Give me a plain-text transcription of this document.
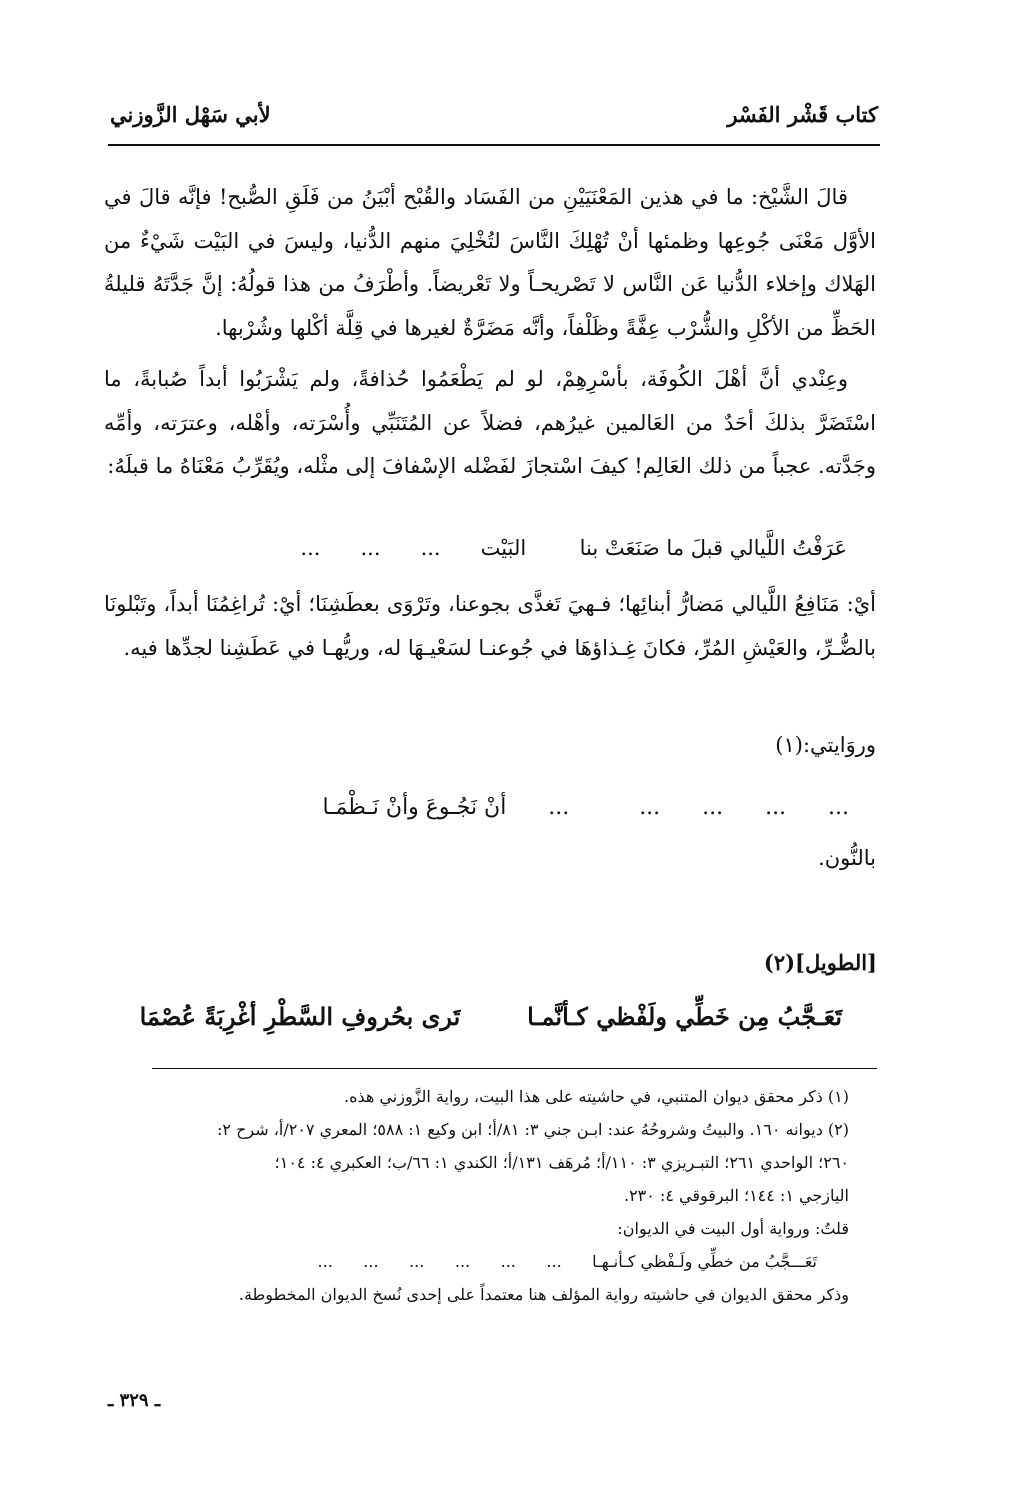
كتاب قَشْر الفَسْر
لأبي سَهْل الزَّوزني

قالَ الشَّيْخ: ما في هذين المَعْنَيَيْنِ من الفَسَاد والقُبْح أبْيَنُ من فَلَقِ الصُّبح! فإنَّه قالَ في الأوَّل مَعْنَى جُوعِها وظمئها أنْ تُهْلِكَ النَّاسَ لتُخْلِيَ منهم الدُّنيا، وليسَ في البَيْت شَيْءٌ من الهَلاك وإخلاء الدُّنيا عَن النَّاس لا تَصْريحـاً ولا تَعْريضاً. وأطْرَفُ من هذا قولُهُ: إنَّ جَدَّتَهُ قليلةُ الحَظِّ من الأكْلِ والشُّرْب عِفَّةً وظَلْفاً، وأنَّه مَضَرَّةٌ لغيرها في قِلَّة أكْلها وشُرْبها.

وعِنْدي أنَّ أهْلَ الكُوفَة، بأسْرِهِمْ، لو لم يَطْعَمُوا حُذافةً، ولم يَشْرَبُوا أبداً صُبابةً، ما اسْتَضَرَّ بذلكَ أحَدٌ من العَالمين غيرُهم، فضلاً عن المُتَنَبِّي وأُسْرَته، وأهْله، وعترَته، وأمِّه وجَدَّته. عجباً من ذلك العَالِم! كيفَ اسْتجازَ لفَضْله الإسْفافَ إلى مثْله، ويُقَرِّبُ مَعْنَاهُ ما قبلَهُ:

عَرَفْتُ اللَّيالي قبلَ ما صَنَعَتْ بنا        البَيْت      ...      ...      ...

أيْ: مَنَافِعُ اللَّيالي مَضارُّ أبنائِها؛ فـهيَ تَغذَّى بجوعنا، وتَرْوَى بعطَشِنَا؛ أيْ: تُراغِمُنَا أبداً، وتَبْلونَا بالضُّـرِّ، والعَيْشِ المُرِّ، فكانَ غِـذاؤهَا في جُوعنـا لسَعْيـهَا له، وريُّهـا في عَطَشِنا لجدِّها فيه.

وروَايتي:(١)
...      ...      ...      ...          ...      أنْ نَجُـوعَ وأنْ نَـظْمَـا
بالنُّون.
[الطويل](٢)
تَعَـجَّبُ مِن خَطِّي ولَفْظي كـأنَّمـا        تَرى بحُروفِ السَّطْرِ أغْرِبَةً عُصْمَا

(١) ذكر محقق ديوان المتنبي، في حاشيته على هذا البيت، رواية الزَّوزني هذه.

(٢) ديوانه ١٦٠. والبيتُ وشروحُهُ عند: ابـن جني ٣: ٨١/أ؛ ابن وكيع ١: ٥٨٨؛ المعري ٢٠٧/أ، شرح ٢:

٢٦٠؛ الواحدي ٢٦١؛ التبـريزي ٣: ١١٠/أ؛ مُرهَف ١٣١/أ؛ الكندي ١: ٦٦/ب؛ العكبري ٤: ١٠٤؛

اليازجي ١: ١٤٤؛ البرقوقي ٤: ٢٣٠.

قلتُ: ورواية أول البيت في الديوان:

تَعَـــجَّبُ من خطِّي ولَـفْظي كـأنـهـا      ...      ...      ...      ...      ...      ...

وذكر محقق الديوان في حاشيته رواية المؤلف هنا معتمداً على إحدى نُسخ الديوان المخطوطة.

ـ ٣٢٩ ـ
